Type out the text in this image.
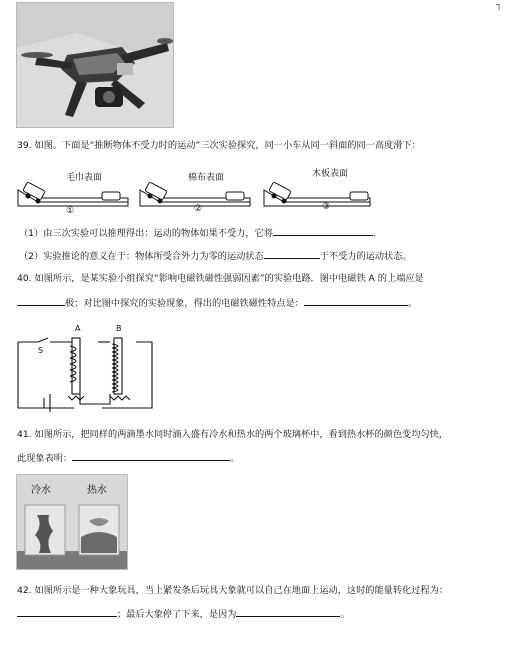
┐
39. 如图。下面是“推断物体不受力时的运动”三次实验探究，同一小车从同一斜面的同一高度滑下：
毛巾表面	棉布表面	木板表面
①	②	③
（1）由三次实验可以推理得出：运动的物体如果不受力，它将	.
（2）实验推论的意义在于：物体所受合外力为零的运动状态	于不受力的运动状态。
40. 如图所示，是某实验小组探究“影响电磁铁磁性强弱因素”的实验电路．图中电磁铁 A 的上端应是
极；对比图中探究的实验现象，得出的电磁铁磁性特点是：	。
A	B
S
41. 如图所示，把同样的两滴墨水同时滴入盛有冷水和热水的两个玻璃杯中，看到热水杯的颜色变均匀快，
此现象表明：	。
冷水	热水
42. 如图所示是一种大象玩具，当上紧发条后玩具大象就可以自己在地面上运动，这时的能量转化过程为：
；最后大象停了下来，是因为	。
